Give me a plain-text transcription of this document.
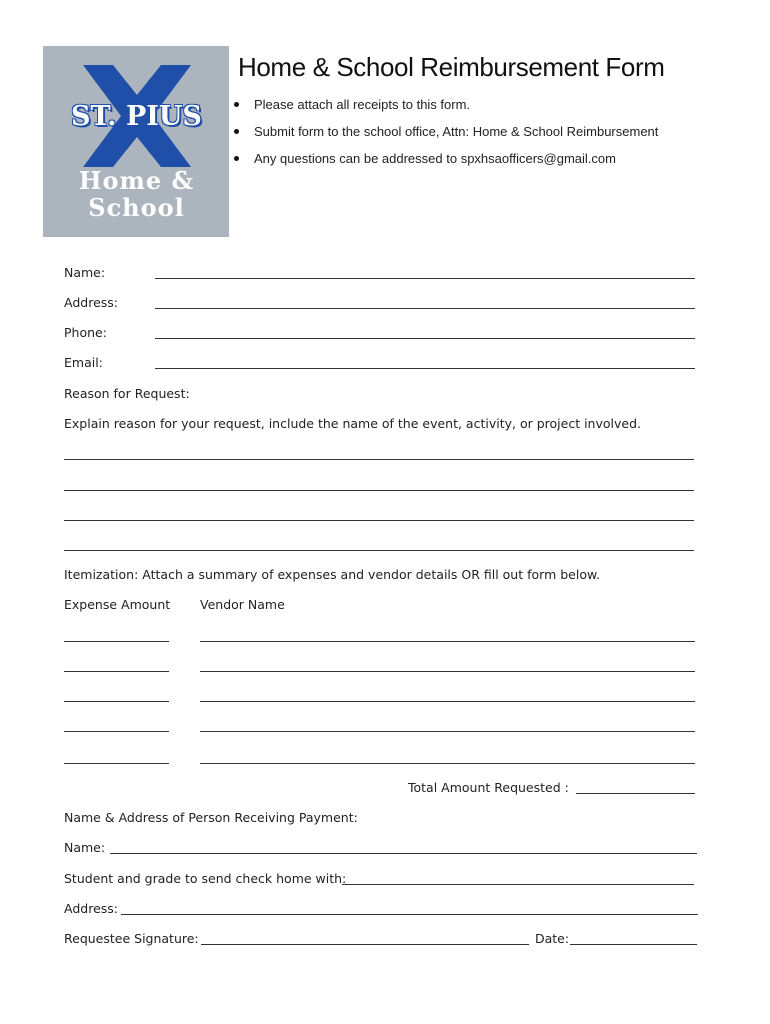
ST. PIUS
Home &
School
Home & School Reimbursement Form
Please attach all receipts to this form.
Submit form to the school office, Attn: Home & School Reimbursement
Any questions can be addressed to spxhsaofficers@gmail.com
Name:
Address:
Phone:
Email:
Reason for Request:
Explain reason for your request, include the name of the event, activity, or project involved.
Itemization: Attach a summary of expenses and vendor details OR fill out form below.
Expense Amount Vendor Name
Total Amount Requested :
Name & Address of Person Receiving Payment:
Name:
Student and grade to send check home with:
Address:
Requestee Signature:	Date:
